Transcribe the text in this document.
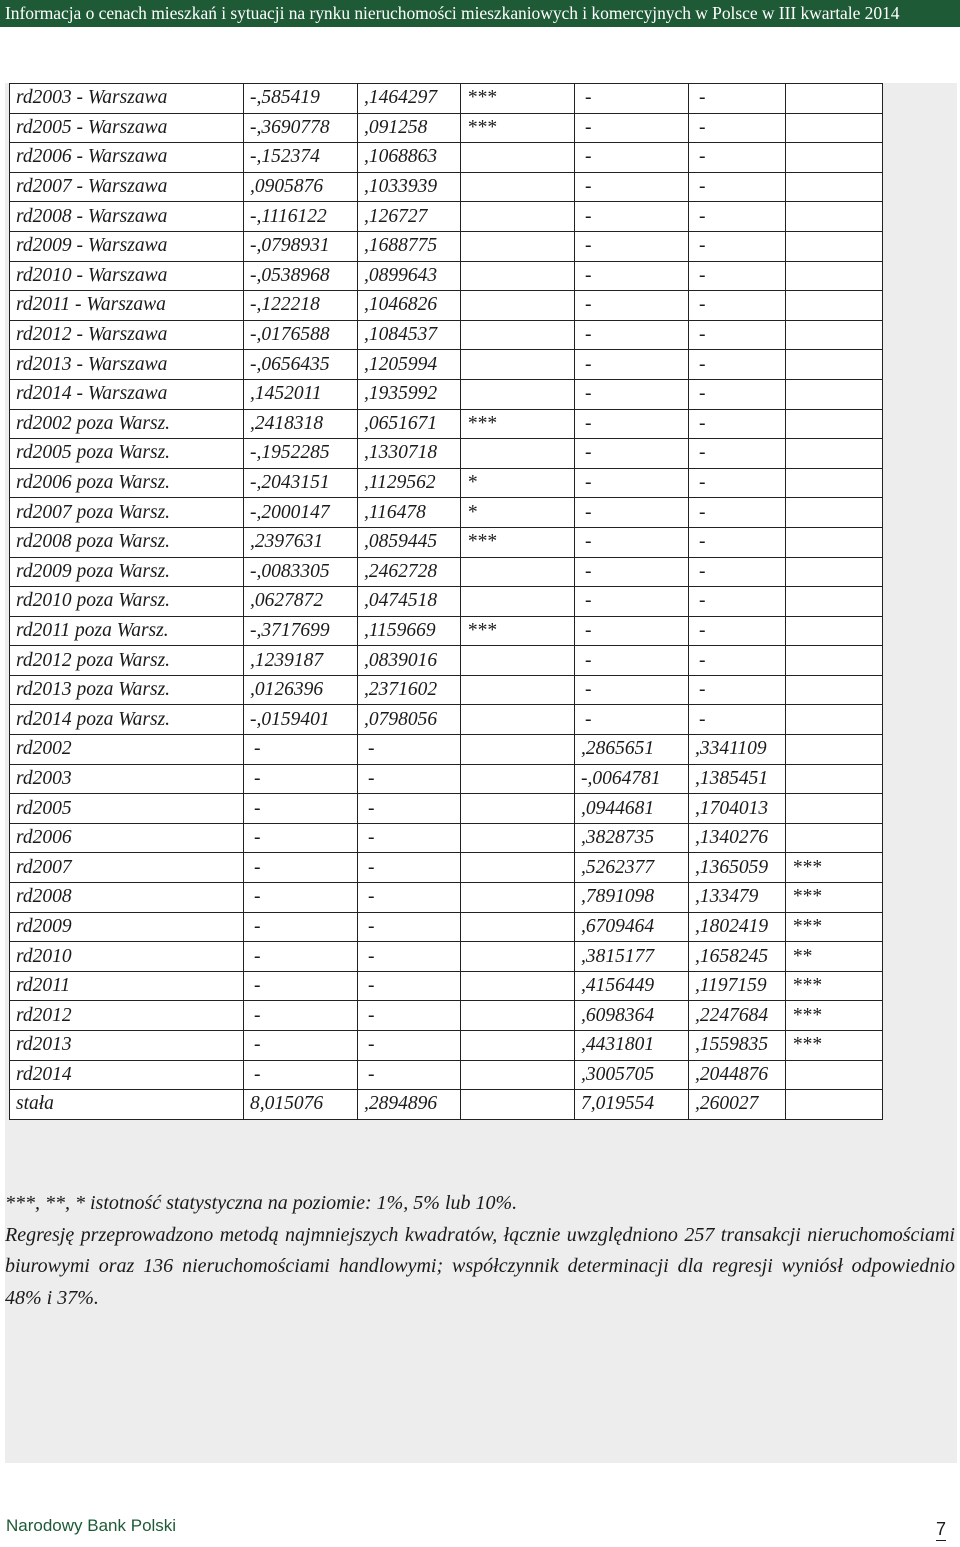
Informacja o cenach mieszkań i sytuacji na rynku nieruchomości mieszkaniowych i komercyjnych w Polsce w III kwartale 2014
rd2003 - Warszawa	-,585419	,1464297	***	-	-	
rd2005 - Warszawa	-,3690778	,091258	***	-	-	
rd2006 - Warszawa	-,152374	,1068863		-	-	
rd2007 - Warszawa	,0905876	,1033939		-	-	
rd2008 - Warszawa	-,1116122	,126727		-	-	
rd2009 - Warszawa	-,0798931	,1688775		-	-	
rd2010 - Warszawa	-,0538968	,0899643		-	-	
rd2011 - Warszawa	-,122218	,1046826		-	-	
rd2012 - Warszawa	-,0176588	,1084537		-	-	
rd2013 - Warszawa	-,0656435	,1205994		-	-	
rd2014 - Warszawa	,1452011	,1935992		-	-	
rd2002 poza Warsz.	,2418318	,0651671	***	-	-	
rd2005 poza Warsz.	-,1952285	,1330718		-	-	
rd2006 poza Warsz.	-,2043151	,1129562	*	-	-	
rd2007 poza Warsz.	-,2000147	,116478	*	-	-	
rd2008 poza Warsz.	,2397631	,0859445	***	-	-	
rd2009 poza Warsz.	-,0083305	,2462728		-	-	
rd2010 poza Warsz.	,0627872	,0474518		-	-	
rd2011 poza Warsz.	-,3717699	,1159669	***	-	-	
rd2012 poza Warsz.	,1239187	,0839016		-	-	
rd2013 poza Warsz.	,0126396	,2371602		-	-	
rd2014 poza Warsz.	-,0159401	,0798056		-	-	
rd2002	-	-		,2865651	,3341109	
rd2003	-	-		-,0064781	,1385451	
rd2005	-	-		,0944681	,1704013	
rd2006	-	-		,3828735	,1340276	
rd2007	-	-		,5262377	,1365059	***
rd2008	-	-		,7891098	,133479	***
rd2009	-	-		,6709464	,1802419	***
rd2010	-	-		,3815177	,1658245	**
rd2011	-	-		,4156449	,1197159	***
rd2012	-	-		,6098364	,2247684	***
rd2013	-	-		,4431801	,1559835	***
rd2014	-	-		,3005705	,2044876	
stała	8,015076	,2894896		7,019554	,260027	

***, **, * istotność statystyczna na poziomie: 1%, 5% lub 10%.

Regresję przeprowadzono metodą najmniejszych kwadratów, łącznie uwzględniono 257 transakcji nieruchomościami biurowymi oraz 136 nieruchomościami handlowymi; współczynnik determinacji dla regresji wyniósł odpowiednio 48% i 37%.

Narodowy Bank Polski	7
